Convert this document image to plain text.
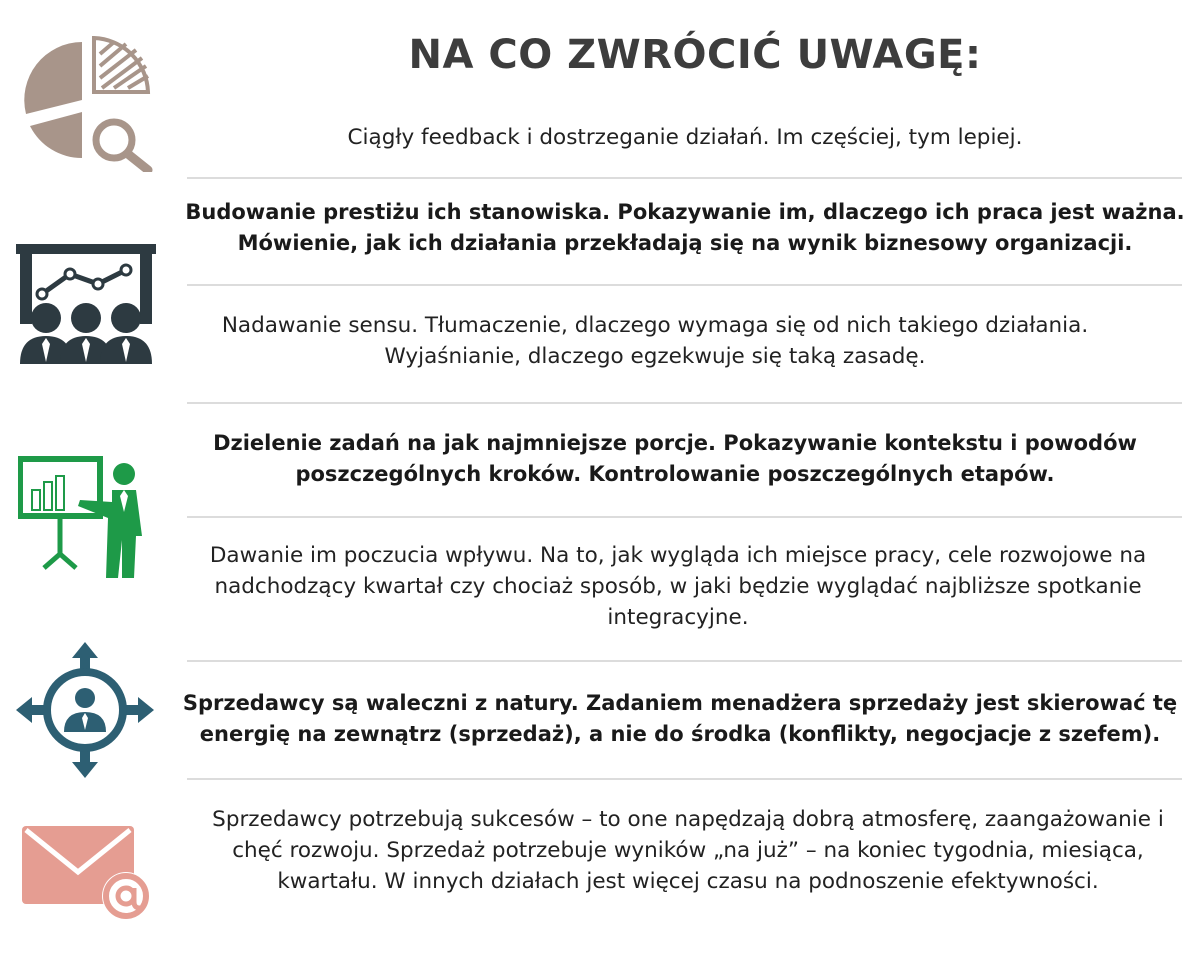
NA CO ZWRÓCIĆ UWAGĘ:
Ciągły feedback i dostrzeganie działań. Im częściej, tym lepiej.
Budowanie prestiżu ich stanowiska. Pokazywanie im, dlaczego ich praca jest ważna. Mówienie, jak ich działania przekładają się na wynik biznesowy organizacji.
Nadawanie sensu. Tłumaczenie, dlaczego wymaga się od nich takiego działania. Wyjaśnianie, dlaczego egzekwuje się taką zasadę.
Dzielenie zadań na jak najmniejsze porcje. Pokazywanie kontekstu i powodów poszczególnych kroków. Kontrolowanie poszczególnych etapów.
Dawanie im poczucia wpływu. Na to, jak wygląda ich miejsce pracy, cele rozwojowe na nadchodzący kwartał czy chociaż sposób, w jaki będzie wyglądać najbliższe spotkanie integracyjne.
Sprzedawcy są waleczni z natury. Zadaniem menadżera sprzedaży jest skierować tę energię na zewnątrz (sprzedaż), a nie do środka (konflikty, negocjacje z szefem).
Sprzedawcy potrzebują sukcesów – to one napędzają dobrą atmosferę, zaangażowanie i chęć rozwoju. Sprzedaż potrzebuje wyników „na już” – na koniec tygodnia, miesiąca, kwartału. W innych działach jest więcej czasu na podnoszenie efektywności.
